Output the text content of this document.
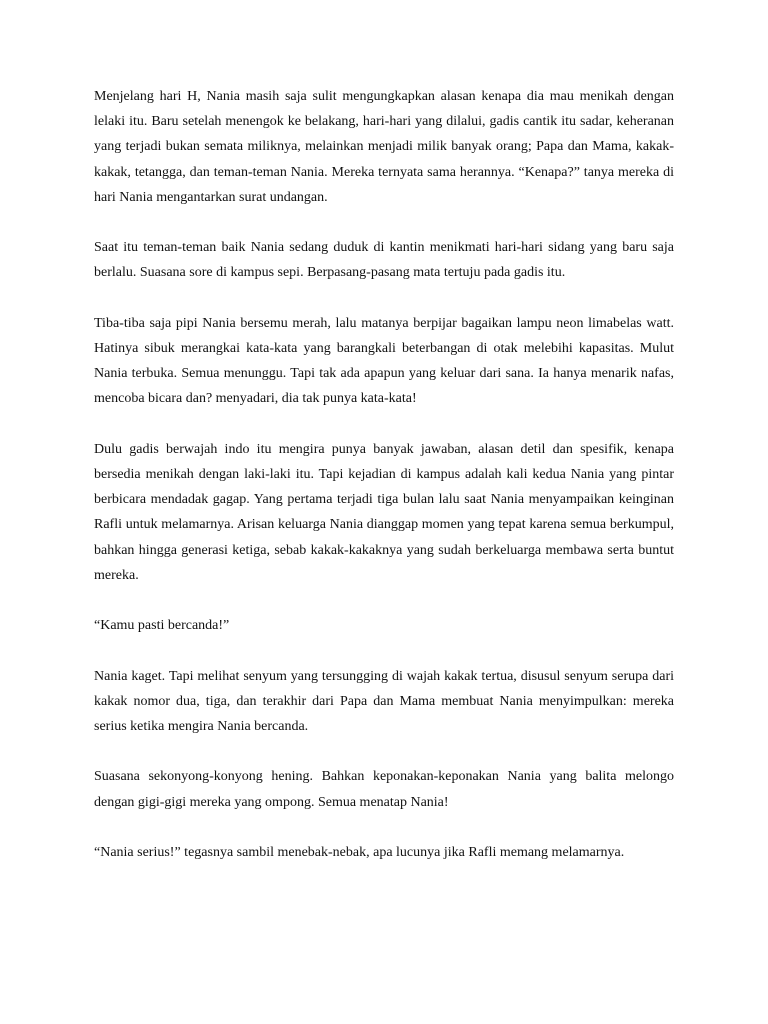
Menjelang hari H, Nania masih saja sulit mengungkapkan alasan kenapa dia mau menikah dengan lelaki itu. Baru setelah menengok ke belakang, hari-hari yang dilalui, gadis cantik itu sadar, keheranan yang terjadi bukan semata miliknya, melainkan menjadi milik banyak orang; Papa dan Mama, kakak-kakak, tetangga, dan teman-teman Nania. Mereka ternyata sama herannya. “Kenapa?” tanya mereka di hari Nania mengantarkan surat undangan.

Saat itu teman-teman baik Nania sedang duduk di kantin menikmati hari-hari sidang yang baru saja berlalu. Suasana sore di kampus sepi. Berpasang-pasang mata tertuju pada gadis itu.

Tiba-tiba saja pipi Nania bersemu merah, lalu matanya berpijar bagaikan lampu neon limabelas watt. Hatinya sibuk merangkai kata-kata yang barangkali beterbangan di otak melebihi kapasitas. Mulut Nania terbuka. Semua menunggu. Tapi tak ada apapun yang keluar dari sana. Ia hanya menarik nafas, mencoba bicara dan? menyadari, dia tak punya kata-kata!

Dulu gadis berwajah indo itu mengira punya banyak jawaban, alasan detil dan spesifik, kenapa bersedia menikah dengan laki-laki itu. Tapi kejadian di kampus adalah kali kedua Nania yang pintar berbicara mendadak gagap. Yang pertama terjadi tiga bulan lalu saat Nania menyampaikan keinginan Rafli untuk melamarnya. Arisan keluarga Nania dianggap momen yang tepat karena semua berkumpul, bahkan hingga generasi ketiga, sebab kakak-kakaknya yang sudah berkeluarga membawa serta buntut mereka.

“Kamu pasti bercanda!”

Nania kaget. Tapi melihat senyum yang tersungging di wajah kakak tertua, disusul senyum serupa dari kakak nomor dua, tiga, dan terakhir dari Papa dan Mama membuat Nania menyimpulkan: mereka serius ketika mengira Nania bercanda.

Suasana sekonyong-konyong hening. Bahkan keponakan-keponakan Nania yang balita melongo dengan gigi-gigi mereka yang ompong. Semua menatap Nania!

“Nania serius!” tegasnya sambil menebak-nebak, apa lucunya jika Rafli memang melamarnya.
